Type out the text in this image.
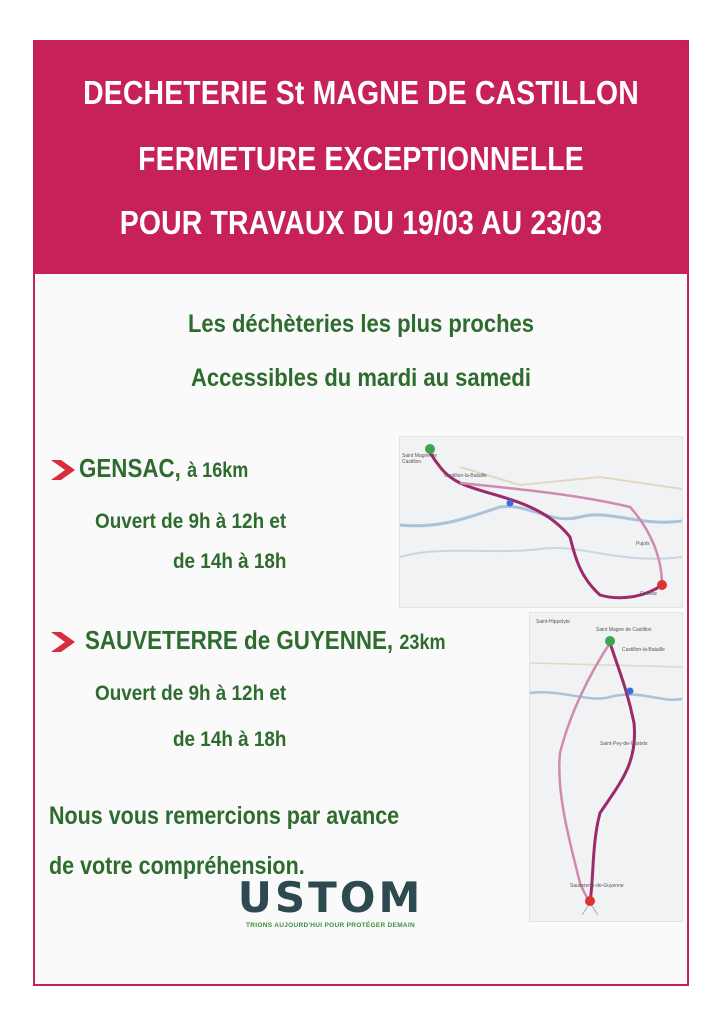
DECHETERIE St MAGNE DE CASTILLON
FERMETURE EXCEPTIONNELLE
POUR TRAVAUX DU 19/03 AU 23/03
Les déchèteries les plus proches
Accessibles du mardi au samedi
GENSAC, à 16km
Ouvert de 9h à 12h et
de 14h à 18h
Saint Magne de Castillon
Castillon-la-Bataille
Pujols
Gensac
SAUVETERRE de GUYENNE, 23km
Ouvert de 9h à 12h et
de 14h à 18h
Saint-Hippolyte
Saint Magne de Castillon
Castillon-la-Bataille
Saint-Pey-de-Castets
Sauveterre-de-Guyenne
Nous vous remercions par avance
de votre compréhension.
USTOM
TRIONS AUJOURD'HUI POUR PROTÉGER DEMAIN
